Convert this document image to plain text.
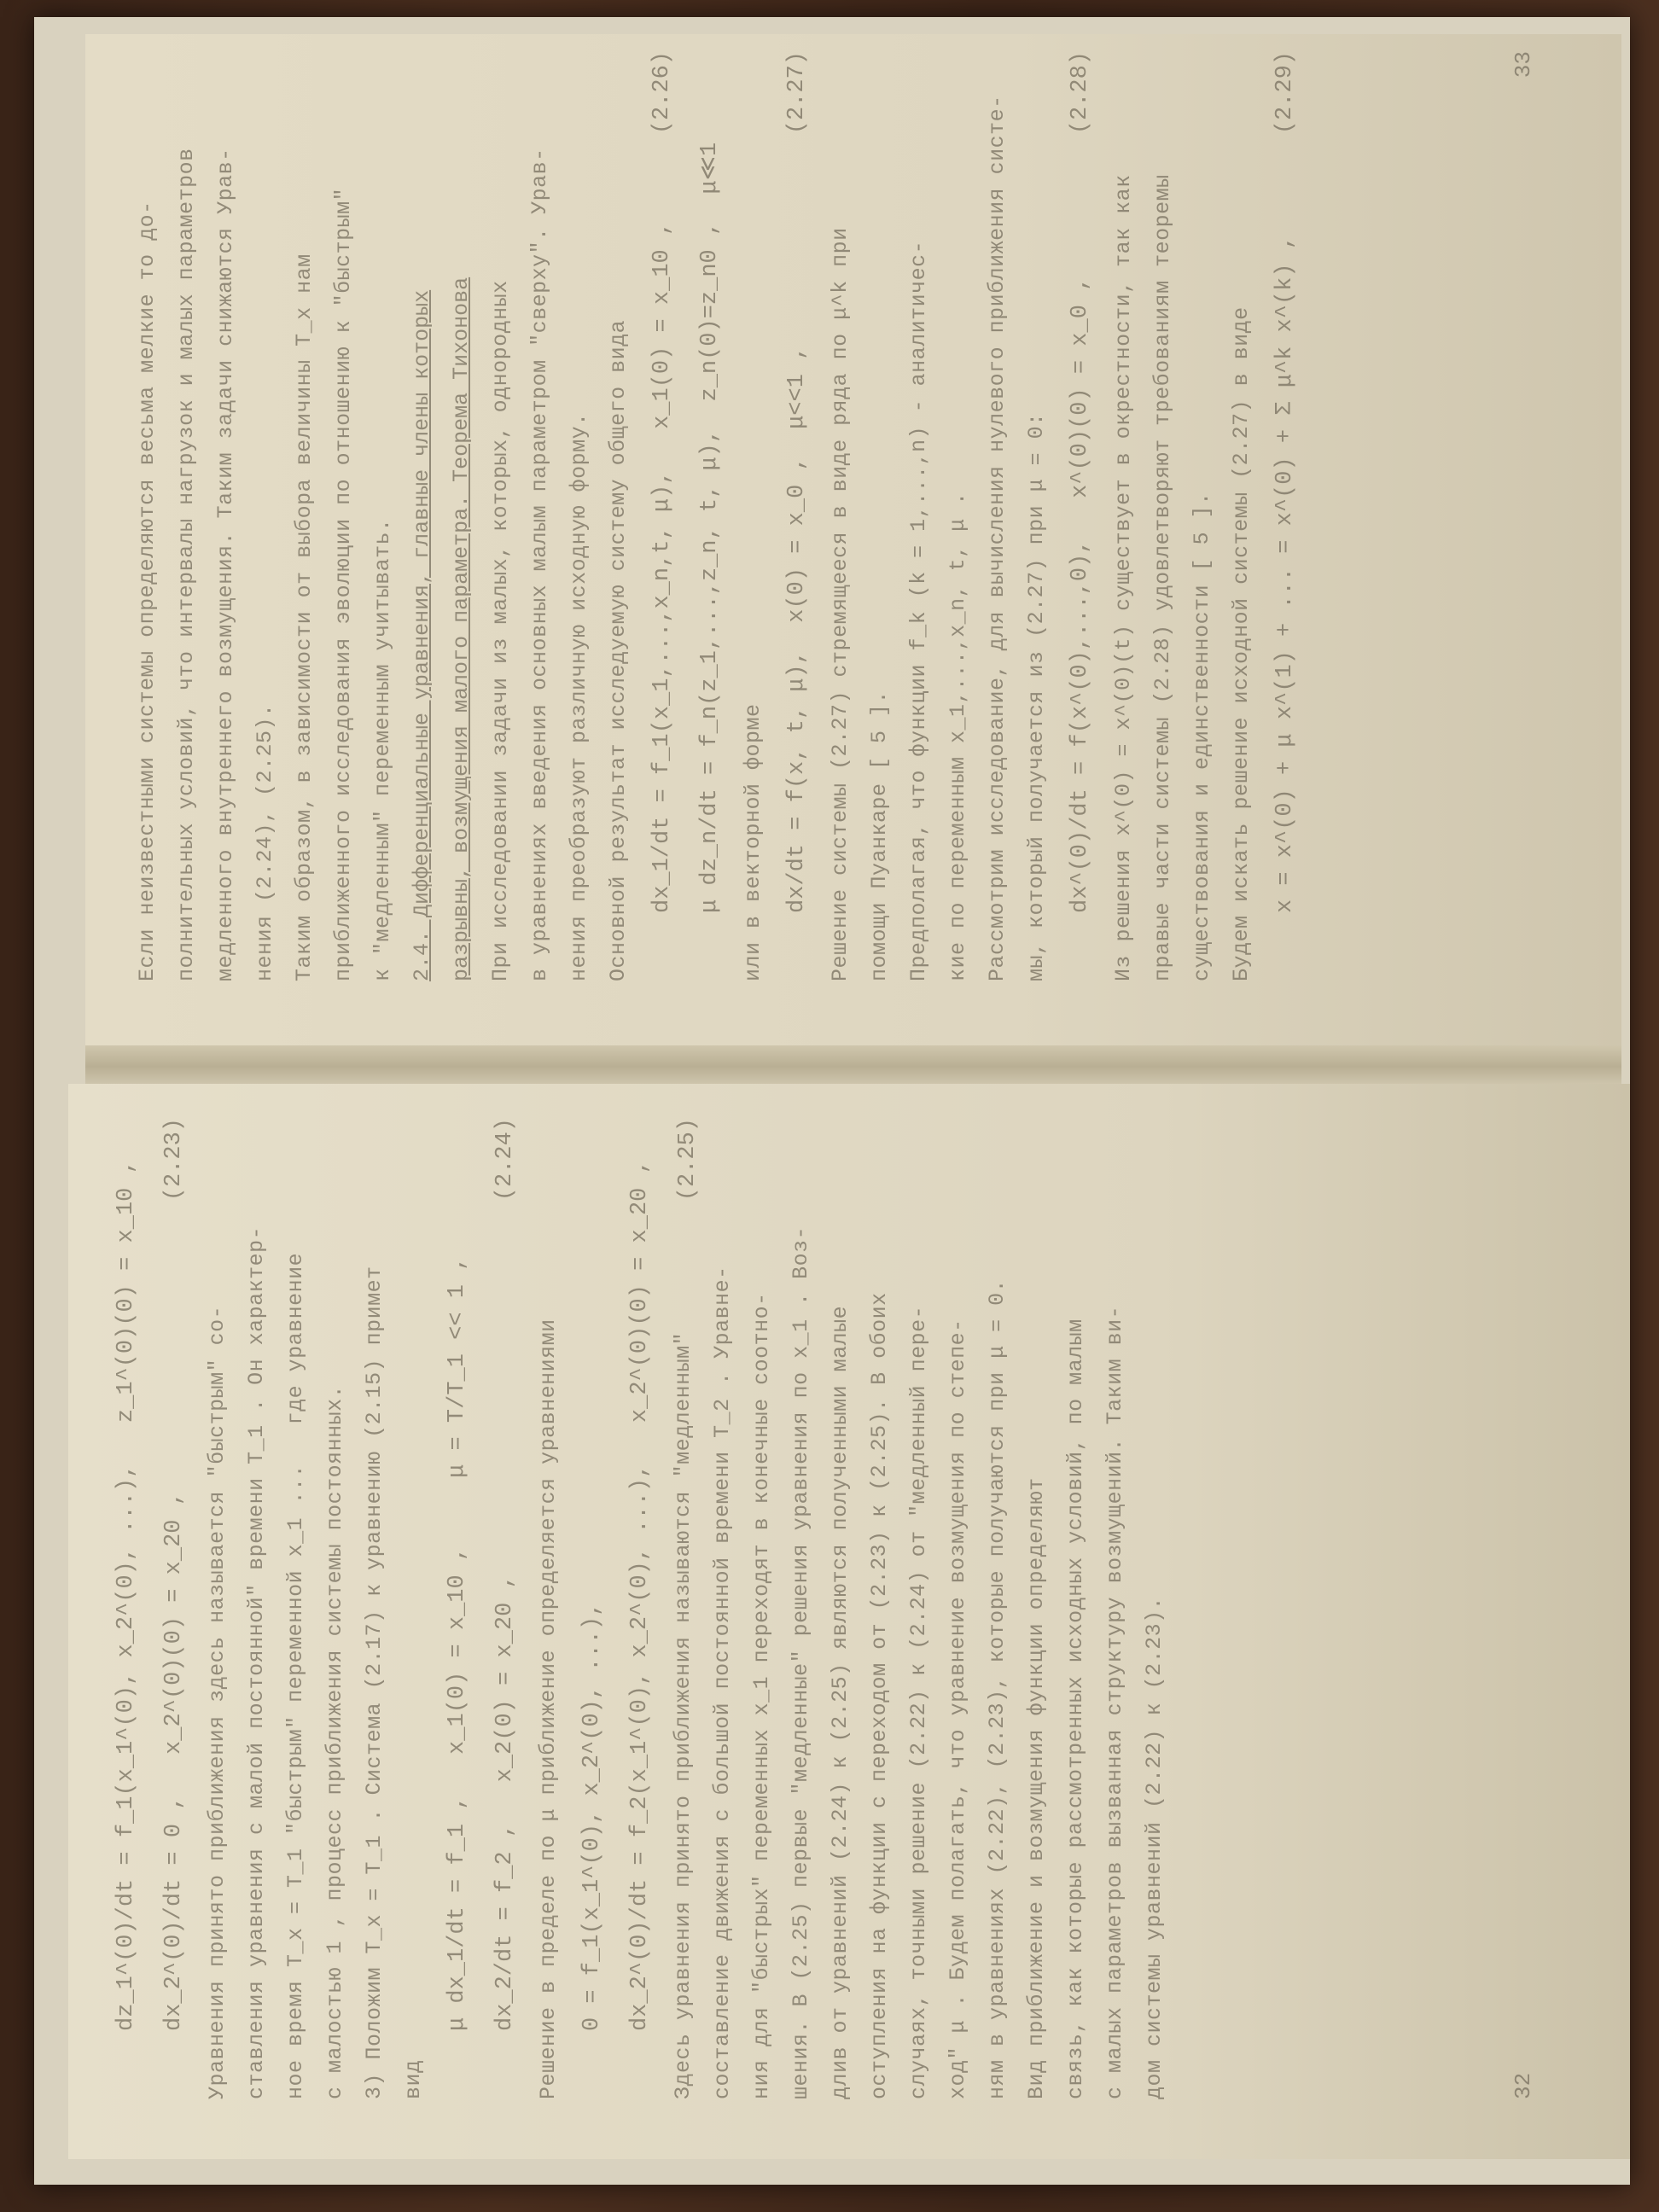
Если неизвестными системы определяются весьма мелкие то до- полнительных условий, что интервалы нагрузок и малых параметров медленного внутреннего возмущения. Таким задачи снижаются Урав- нения (2.24), (2.25). Таким образом, в зависимости от выбора величины T_x нам приближенного исследования эволюции по отношению к "быстрым" к "медленным" переменным учитывать. 2.4. Дифференциальные уравнения, главные члены которых разрывны, возмущения малого параметра. Теорема Тихонова При исследовании задачи из малых, которых, однородных в уравнениях введения основных малым параметром "сверху". Урав- нения преобразуют различную исходную форму. Основной результат исследуемую систему общего вида dx_1/dt = f_1(x_1,...,x_n,t, μ),   x_1(0) = x_10 ,
(2.26)
μ dz_n/dt = f_n(z_1,...,z_n, t, μ),  z_n(0)=z_n0 ,  μ≪1 или в векторной форме dx/dt = f(x, t, μ),  x(0) = x_0 ,  μ<<1 ,
(2.27)
Решение системы (2.27) стремящееся в виде ряда по μ^k при помощи Пуанкаре [ 5 ]. Предполагая, что функции f_k (k = 1,...,n) - аналитичес- кие по переменным x_1,...,x_n, t, μ . Рассмотрим исследование, для вычисления нулевого приближения систе- мы, который получается из (2.27) при μ = 0: dx^(0)/dt = f(x^(0),...,0),   x^(0)(0) = x_0 ,
(2.28)
Из решения x^(0) = x^(0)(t) существует в окрестности, так как правые части системы (2.28) удовлетворяют требованиям теоремы существования и единственности [ 5 ]. Будем искать решение исходной системы (2.27) в виде x = x^(0) + μ x^(1) + ... = x^(0) + Σ μ^k x^(k) ,
(2.29)	33
dz_1^(0)/dt = f_1(x_1^(0), x_2^(0), ...),   z_1^(0)(0) = x_10 , dx_2^(0)/dt = 0 ,   x_2^(0)(0) = x_20 ,
(2.23)
Уравнения принято приближения здесь называется "быстрым" со- ставления уравнения с малой постоянной" времени T_1 . Он характер- ное время T_x = T_1 "быстрым" переменной x_1 ...   где уравнение с малостью 1 , процесс приближения системы постоянных. 3) Положим T_x = T_1 . Система (2.17) к уравнению (2.15) примет вид
μ dx_1/dt = f_1 ,   x_1(0) = x_10 ,     μ = T/T_1 << 1 , dx_2/dt = f_2 ,   x_2(0) = x_20 ,
(2.24)
Решение в пределе по μ приближение определяется уравнениями 0 = f_1(x_1^(0), x_2^(0), ...), dx_2^(0)/dt = f_2(x_1^(0), x_2^(0), ...),   x_2^(0)(0) = x_20 ,
(2.25)
Здесь уравнения принято приближения называются "медленным" составление движения с большой постоянной времени T_2 . Уравне- ния для "быстрых" переменных x_1 переходят в конечные соотно- шения. В (2.25) первые "медленные" решения уравнения по x_1 . Воз- длив от уравнений (2.24) к (2.25) являются полученными малые оступления на функции с переходом от (2.23) к (2.25). В обоих случаях, точными решение (2.22) к (2.24) от "медленный пере- ход" μ . Будем полагать, что уравнение возмущения по степе- ням в уравнениях (2.22), (2.23), которые получаются при μ = 0. Вид приближение и возмущения функции определяют связь, как которые рассмотренных исходных условий, по малым с малых параметров вызванная структуру возмущений. Таким ви- дом системы уравнений (2.22) к (2.23).	32
